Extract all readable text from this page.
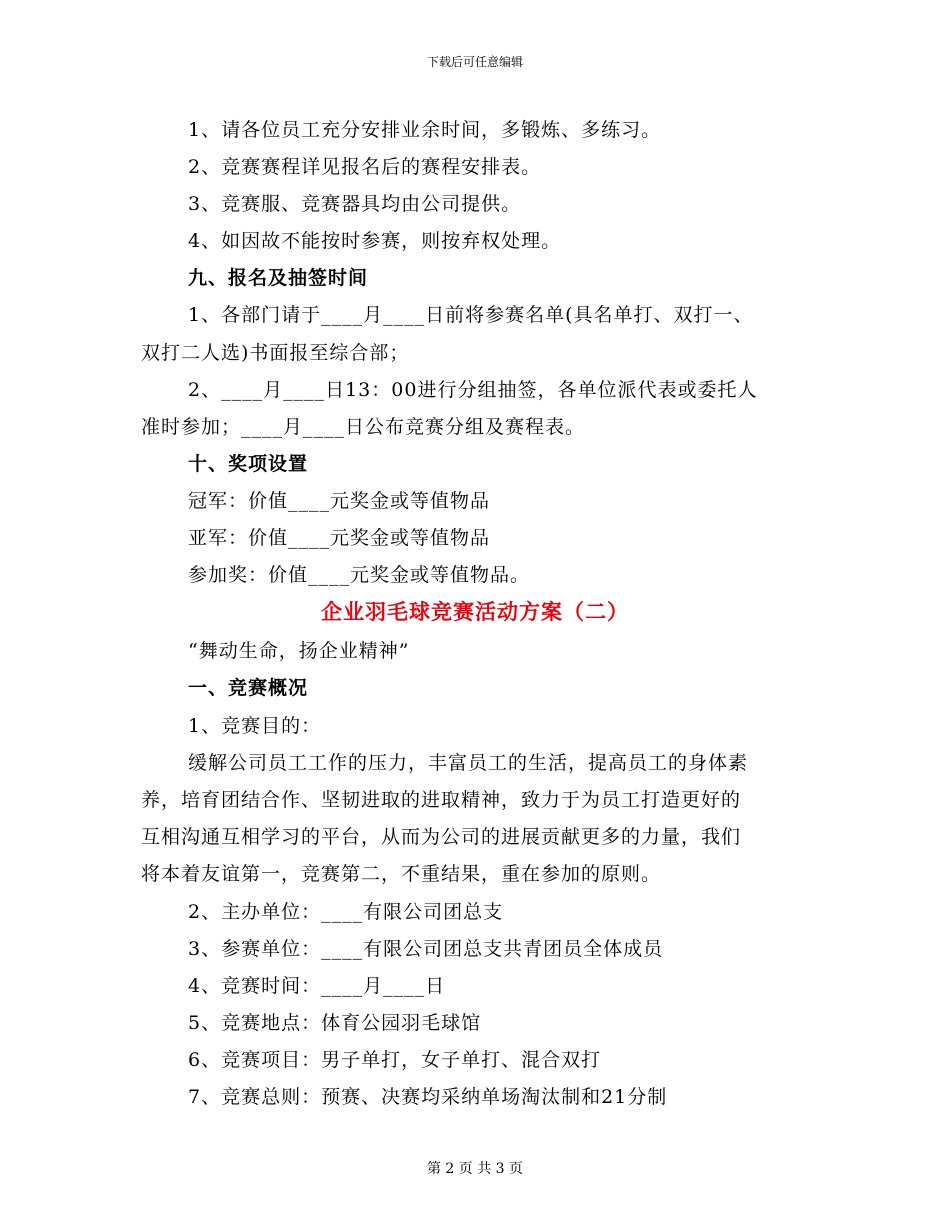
下载后可任意编辑
1、请各位员工充分安排业余时间，多锻炼、多练习。
2、竞赛赛程详见报名后的赛程安排表。
3、竞赛服、竞赛器具均由公司提供。
4、如因故不能按时参赛，则按弃权处理。
九、报名及抽签时间
1、各部门请于____月____日前将参赛名单(具名单打、双打一、
双打二人选)书面报至综合部；
2、____月____日13：00进行分组抽签，各单位派代表或委托人
准时参加；____月____日公布竞赛分组及赛程表。
十、奖项设置
冠军：价值____元奖金或等值物品
亚军：价值____元奖金或等值物品
参加奖：价值____元奖金或等值物品。
企业羽毛球竞赛活动方案（二）
“舞动生命，扬企业精神”
一、竞赛概况
1、竞赛目的：
缓解公司员工工作的压力，丰富员工的生活，提高员工的身体素
养，培育团结合作、坚韧进取的进取精神，致力于为员工打造更好的
互相沟通互相学习的平台，从而为公司的进展贡献更多的力量，我们
将本着友谊第一，竞赛第二，不重结果，重在参加的原则。
2、主办单位：____有限公司团总支
3、参赛单位：____有限公司团总支共青团员全体成员
4、竞赛时间：____月____日
5、竞赛地点：体育公园羽毛球馆
6、竞赛项目：男子单打，女子单打、混合双打
7、竞赛总则：预赛、决赛均采纳单场淘汰制和21分制
第 2 页 共 3 页
